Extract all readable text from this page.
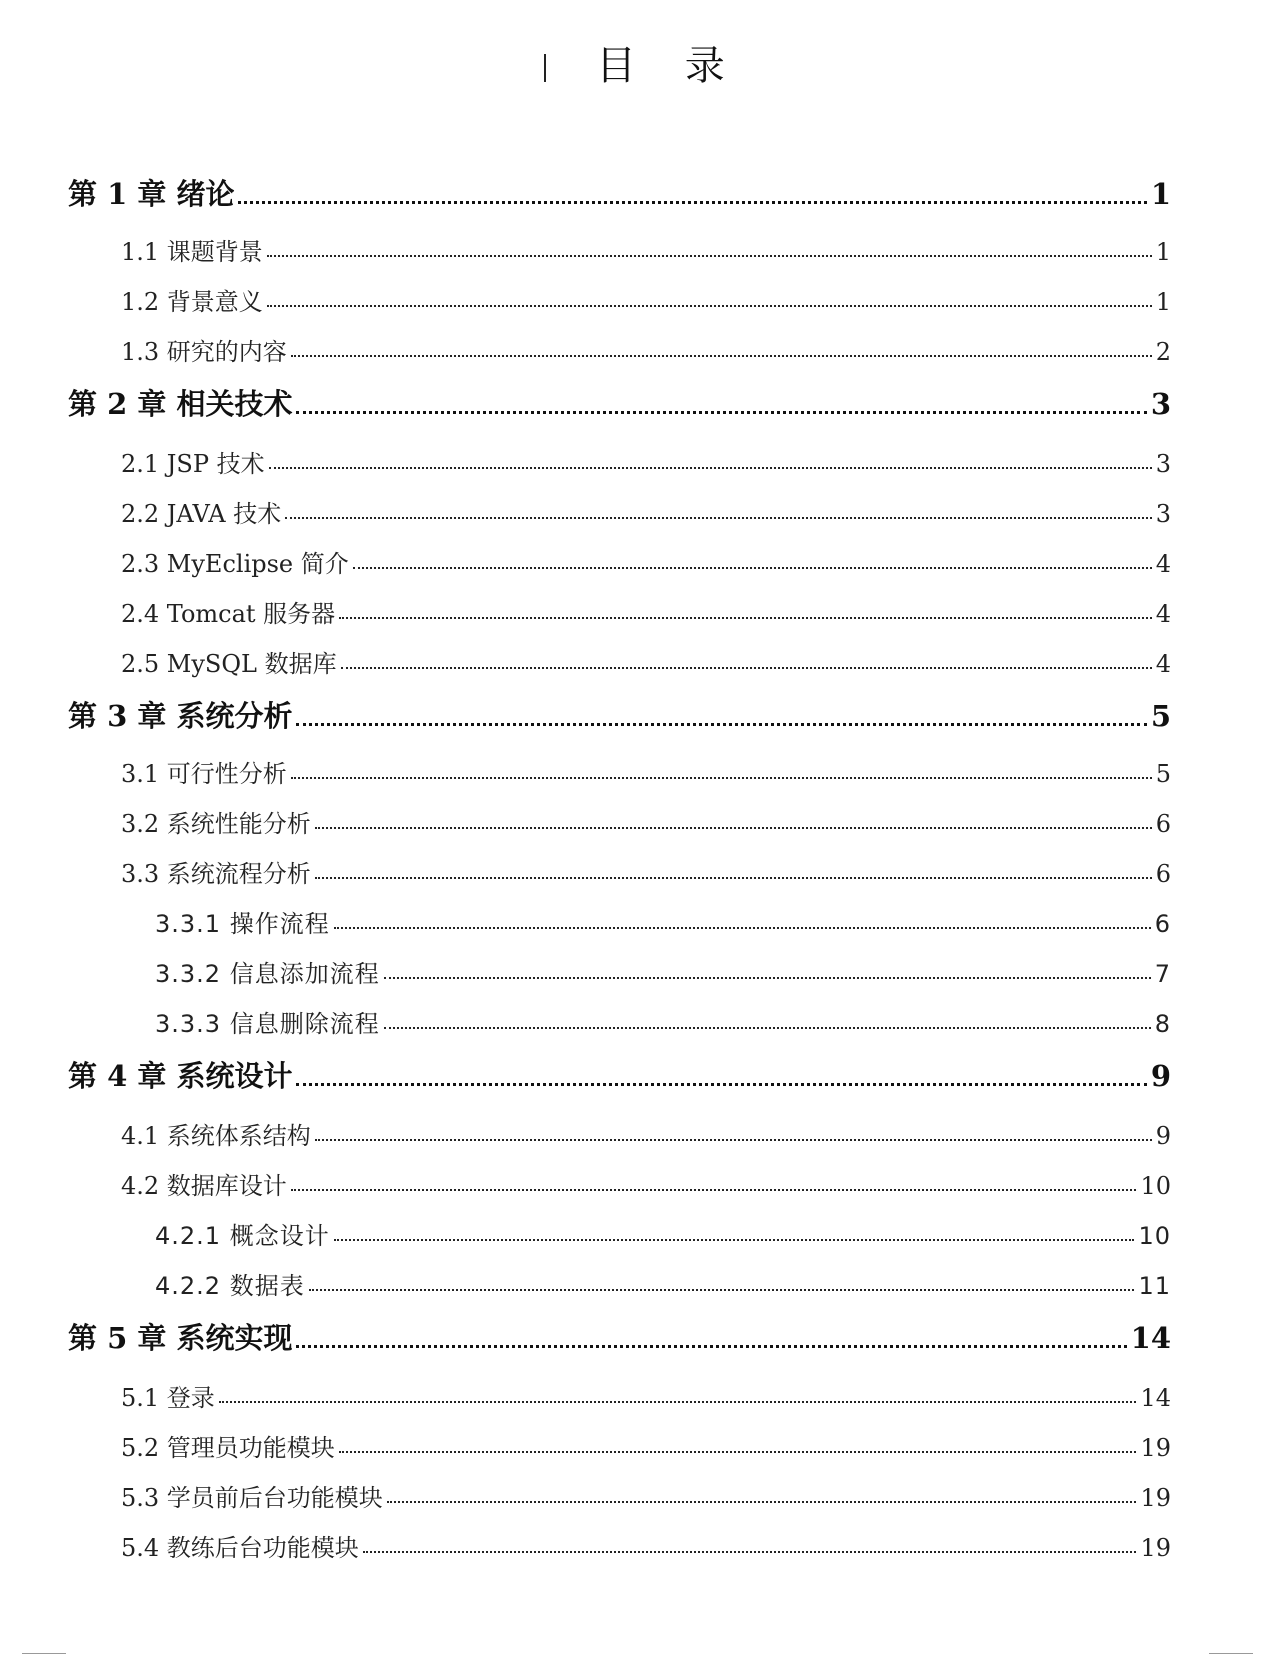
目 录
第 1 章 绪论	1
1.1 课题背景	1
1.2 背景意义	1
1.3 研究的内容	2
第 2 章 相关技术	3
2.1 JSP 技术	3
2.2 JAVA 技术	3
2.3 MyEclipse 简介	4
2.4 Tomcat 服务器	4
2.5 MySQL 数据库	4
第 3 章 系统分析	5
3.1 可行性分析	5
3.2 系统性能分析	6
3.3 系统流程分析	6
3.3.1 操作流程	6
3.3.2 信息添加流程	7
3.3.3 信息删除流程	8
第 4 章 系统设计	9
4.1 系统体系结构	9
4.2 数据库设计	10
4.2.1 概念设计	10
4.2.2 数据表	11
第 5 章 系统实现	14
5.1 登录	14
5.2 管理员功能模块	19
5.3 学员前后台功能模块	19
5.4 教练后台功能模块	19
